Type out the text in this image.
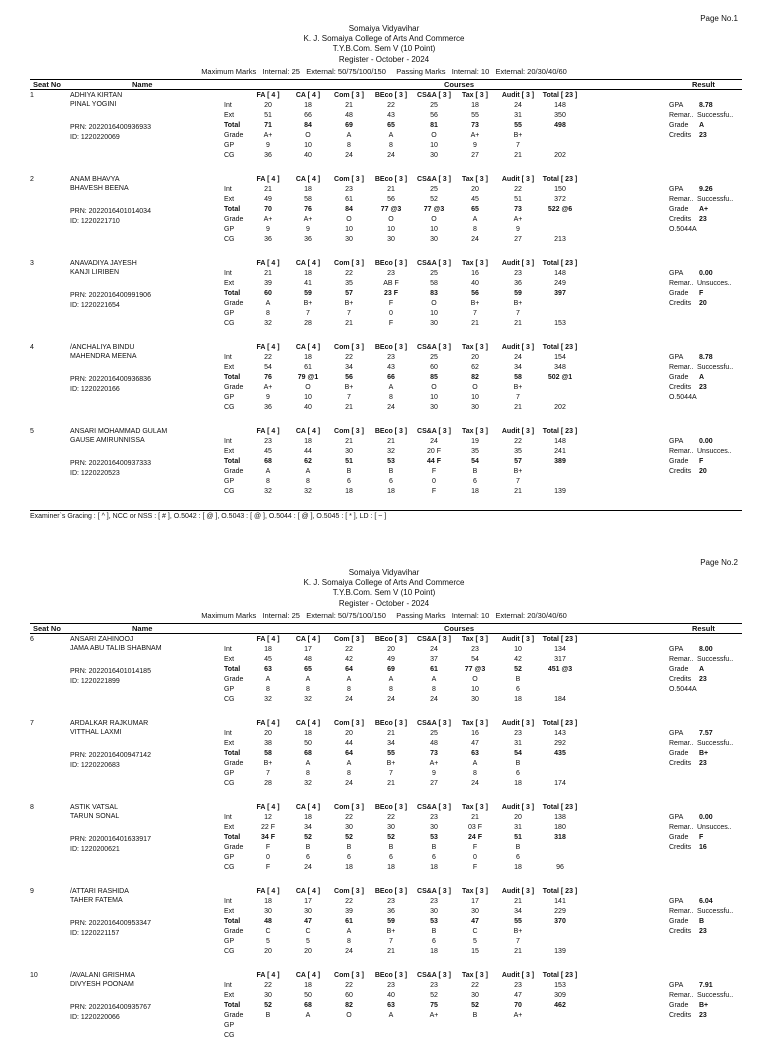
Page No.1
Somaiya Vidyavihar
K. J. Somaiya College of Arts And Commerce
T.Y.B.Com. Sem V (10 Point)
Register - October - 2024
Maximum Marks   Internal: 25   External: 50/75/100/150     Passing Marks   Internal: 10   External: 20/30/40/60
Seat No	Name	Courses	Result
1	ADHIYA KIRTAN
PINAL YOGINI
PRN: 2022016400936933
ID: 1220220069
FA [ 4 ]	CA [ 4 ]	Com [ 3 ]	BEco [ 3 ]	CS&A [ 3 ]	Tax [ 3 ]	Audit [ 3 ]	Total [ 23 ]
Int	20	18	21	22	25	18	24	148
Ext	51	66	48	43	56	55	31	350
Total	71	84	69	65	81	73	55	498
Grade	A+	O	A	A	O	A+	B+
GP	9	10	8	8	10	9	7
CG	36	40	24	24	30	27	21	202
GPA 8.78
Remar.. Successfu..
Grade A
Credits 23
2	ANAM BHAVYA
BHAVESH BEENA
PRN: 2022016401014034
ID: 1220221710
FA [ 4 ]	CA [ 4 ]	Com [ 3 ]	BEco [ 3 ]	CS&A [ 3 ]	Tax [ 3 ]	Audit [ 3 ]	Total [ 23 ]
Int	21	18	23	21	25	20	22	150
Ext	49	58	61	56	52	45	51	372
Total	70	76	84	77 @3	77 @3	65	73	522 @6
Grade	A+	A+	O	O	O	A	A+
GP	9	9	10	10	10	8	9
CG	36	36	30	30	30	24	27	213
GPA 9.26
Remar.. Successfu..
Grade A+
Credits 23
O.5044A
3	ANAVADIYA JAYESH
KANJI LIRIBEN
PRN: 2022016400991906
ID: 1220221654
FA [ 4 ]	CA [ 4 ]	Com [ 3 ]	BEco [ 3 ]	CS&A [ 3 ]	Tax [ 3 ]	Audit [ 3 ]	Total [ 23 ]
Int	21	18	22	23	25	16	23	148
Ext	39	41	35	AB F	58	40	36	249
Total	60	59	57	23 F	83	56	59	397
Grade	A	B+	B+	F	O	B+	B+
GP	8	7	7	0	10	7	7
CG	32	28	21	F	30	21	21	153
GPA 0.00
Remar.. Unsucces..
Grade F
Credits 20
4	/ANCHALIYA BINDU
MAHENDRA MEENA
PRN: 2022016400936836
ID: 1220220166
FA [ 4 ]	CA [ 4 ]	Com [ 3 ]	BEco [ 3 ]	CS&A [ 3 ]	Tax [ 3 ]	Audit [ 3 ]	Total [ 23 ]
Int	22	18	22	23	25	20	24	154
Ext	54	61	34	43	60	62	34	348
Total	76	79 @1	56	66	85	82	58	502 @1
Grade	A+	O	B+	A	O	O	B+
GP	9	10	7	8	10	10	7
CG	36	40	21	24	30	30	21	202
GPA 8.78
Remar.. Successfu..
Grade A
Credits 23
O.5044A
5	ANSARI MOHAMMAD GULAM
GAUSE AMIRUNNISSA
PRN: 2022016400937333
ID: 1220220523
FA [ 4 ]	CA [ 4 ]	Com [ 3 ]	BEco [ 3 ]	CS&A [ 3 ]	Tax [ 3 ]	Audit [ 3 ]	Total [ 23 ]
Int	23	18	21	21	24	19	22	148
Ext	45	44	30	32	20 F	35	35	241
Total	68	62	51	53	44 F	54	57	389
Grade	A	A	B	B	F	B	B+
GP	8	8	6	6	0	6	7
CG	32	32	18	18	F	18	21	139
GPA 0.00
Remar.. Unsucces..
Grade F
Credits 20
Examiner`s Gracing : [ ^ ], NCC or NSS : [ # ], O.5042 : [ @ ], O.5043 : [ @ ], O.5044 : [ @ ], O.5045 : [ * ], LD : [ ~ ]
Page No.2
Somaiya Vidyavihar
K. J. Somaiya College of Arts And Commerce
T.Y.B.Com. Sem V (10 Point)
Register - October - 2024
Maximum Marks   Internal: 25   External: 50/75/100/150     Passing Marks   Internal: 10   External: 20/30/40/60
Seat No	Name	Courses	Result
6	ANSARI ZAHINOOJ
JAMA ABU TALIB SHABNAM
PRN: 2022016401014185
ID: 1220221899
FA [ 4 ]	CA [ 4 ]	Com [ 3 ]	BEco [ 3 ]	CS&A [ 3 ]	Tax [ 3 ]	Audit [ 3 ]	Total [ 23 ]
Int	18	17	22	20	24	23	10	134
Ext	45	48	42	49	37	54	42	317
Total	63	65	64	69	61	77 @3	52	451 @3
Grade	A	A	A	A	A	O	B
GP	8	8	8	8	8	10	6
CG	32	32	24	24	24	30	18	184
GPA 8.00
Remar.. Successfu..
Grade A
Credits 23
O.5044A
7	ARDALKAR RAJKUMAR
VITTHAL LAXMI
PRN: 2022016400947142
ID: 1220220683
FA [ 4 ]	CA [ 4 ]	Com [ 3 ]	BEco [ 3 ]	CS&A [ 3 ]	Tax [ 3 ]	Audit [ 3 ]	Total [ 23 ]
Int	20	18	20	21	25	16	23	143
Ext	38	50	44	34	48	47	31	292
Total	58	68	64	55	73	63	54	435
Grade	B+	A	A	B+	A+	A	B
GP	7	8	8	7	9	8	6
CG	28	32	24	21	27	24	18	174
GPA 7.57
Remar.. Successfu..
Grade B+
Credits 23
8	ASTIK VATSAL
TARUN SONAL
PRN: 2020016401633917
ID: 1220200621
FA [ 4 ]	CA [ 4 ]	Com [ 3 ]	BEco [ 3 ]	CS&A [ 3 ]	Tax [ 3 ]	Audit [ 3 ]	Total [ 23 ]
Int	12	18	22	22	23	21	20	138
Ext	22 F	34	30	30	30	03 F	31	180
Total	34 F	52	52	52	53	24 F	51	318
Grade	F	B	B	B	B	F	B
GP	0	6	6	6	6	0	6
CG	F	24	18	18	18	F	18	96
GPA 0.00
Remar.. Unsucces..
Grade F
Credits 16
9	/ATTARI RASHIDA
TAHER FATEMA
PRN: 2022016400953347
ID: 1220221157
FA [ 4 ]	CA [ 4 ]	Com [ 3 ]	BEco [ 3 ]	CS&A [ 3 ]	Tax [ 3 ]	Audit [ 3 ]	Total [ 23 ]
Int	18	17	22	23	23	17	21	141
Ext	30	30	39	36	30	30	34	229
Total	48	47	61	59	53	47	55	370
Grade	C	C	A	B+	B	C	B+
GP	5	5	8	7	6	5	7
CG	20	20	24	21	18	15	21	139
GPA 6.04
Remar.. Successfu..
Grade B
Credits 23
10	/AVALANI GRISHMA
DIVYESH POONAM
PRN: 2022016400935767
ID: 1220220066
FA [ 4 ]	CA [ 4 ]	Com [ 3 ]	BEco [ 3 ]	CS&A [ 3 ]	Tax [ 3 ]	Audit [ 3 ]	Total [ 23 ]
Int	22	18	22	23	23	22	23	153
Ext	30	50	60	40	52	30	47	309
Total	52	68	82	63	75	52	70	462
Grade	B	A	O	A	A+	B	A+
GP
CG
GPA 7.91
Remar.. Successfu..
Grade B+
Credits 23
